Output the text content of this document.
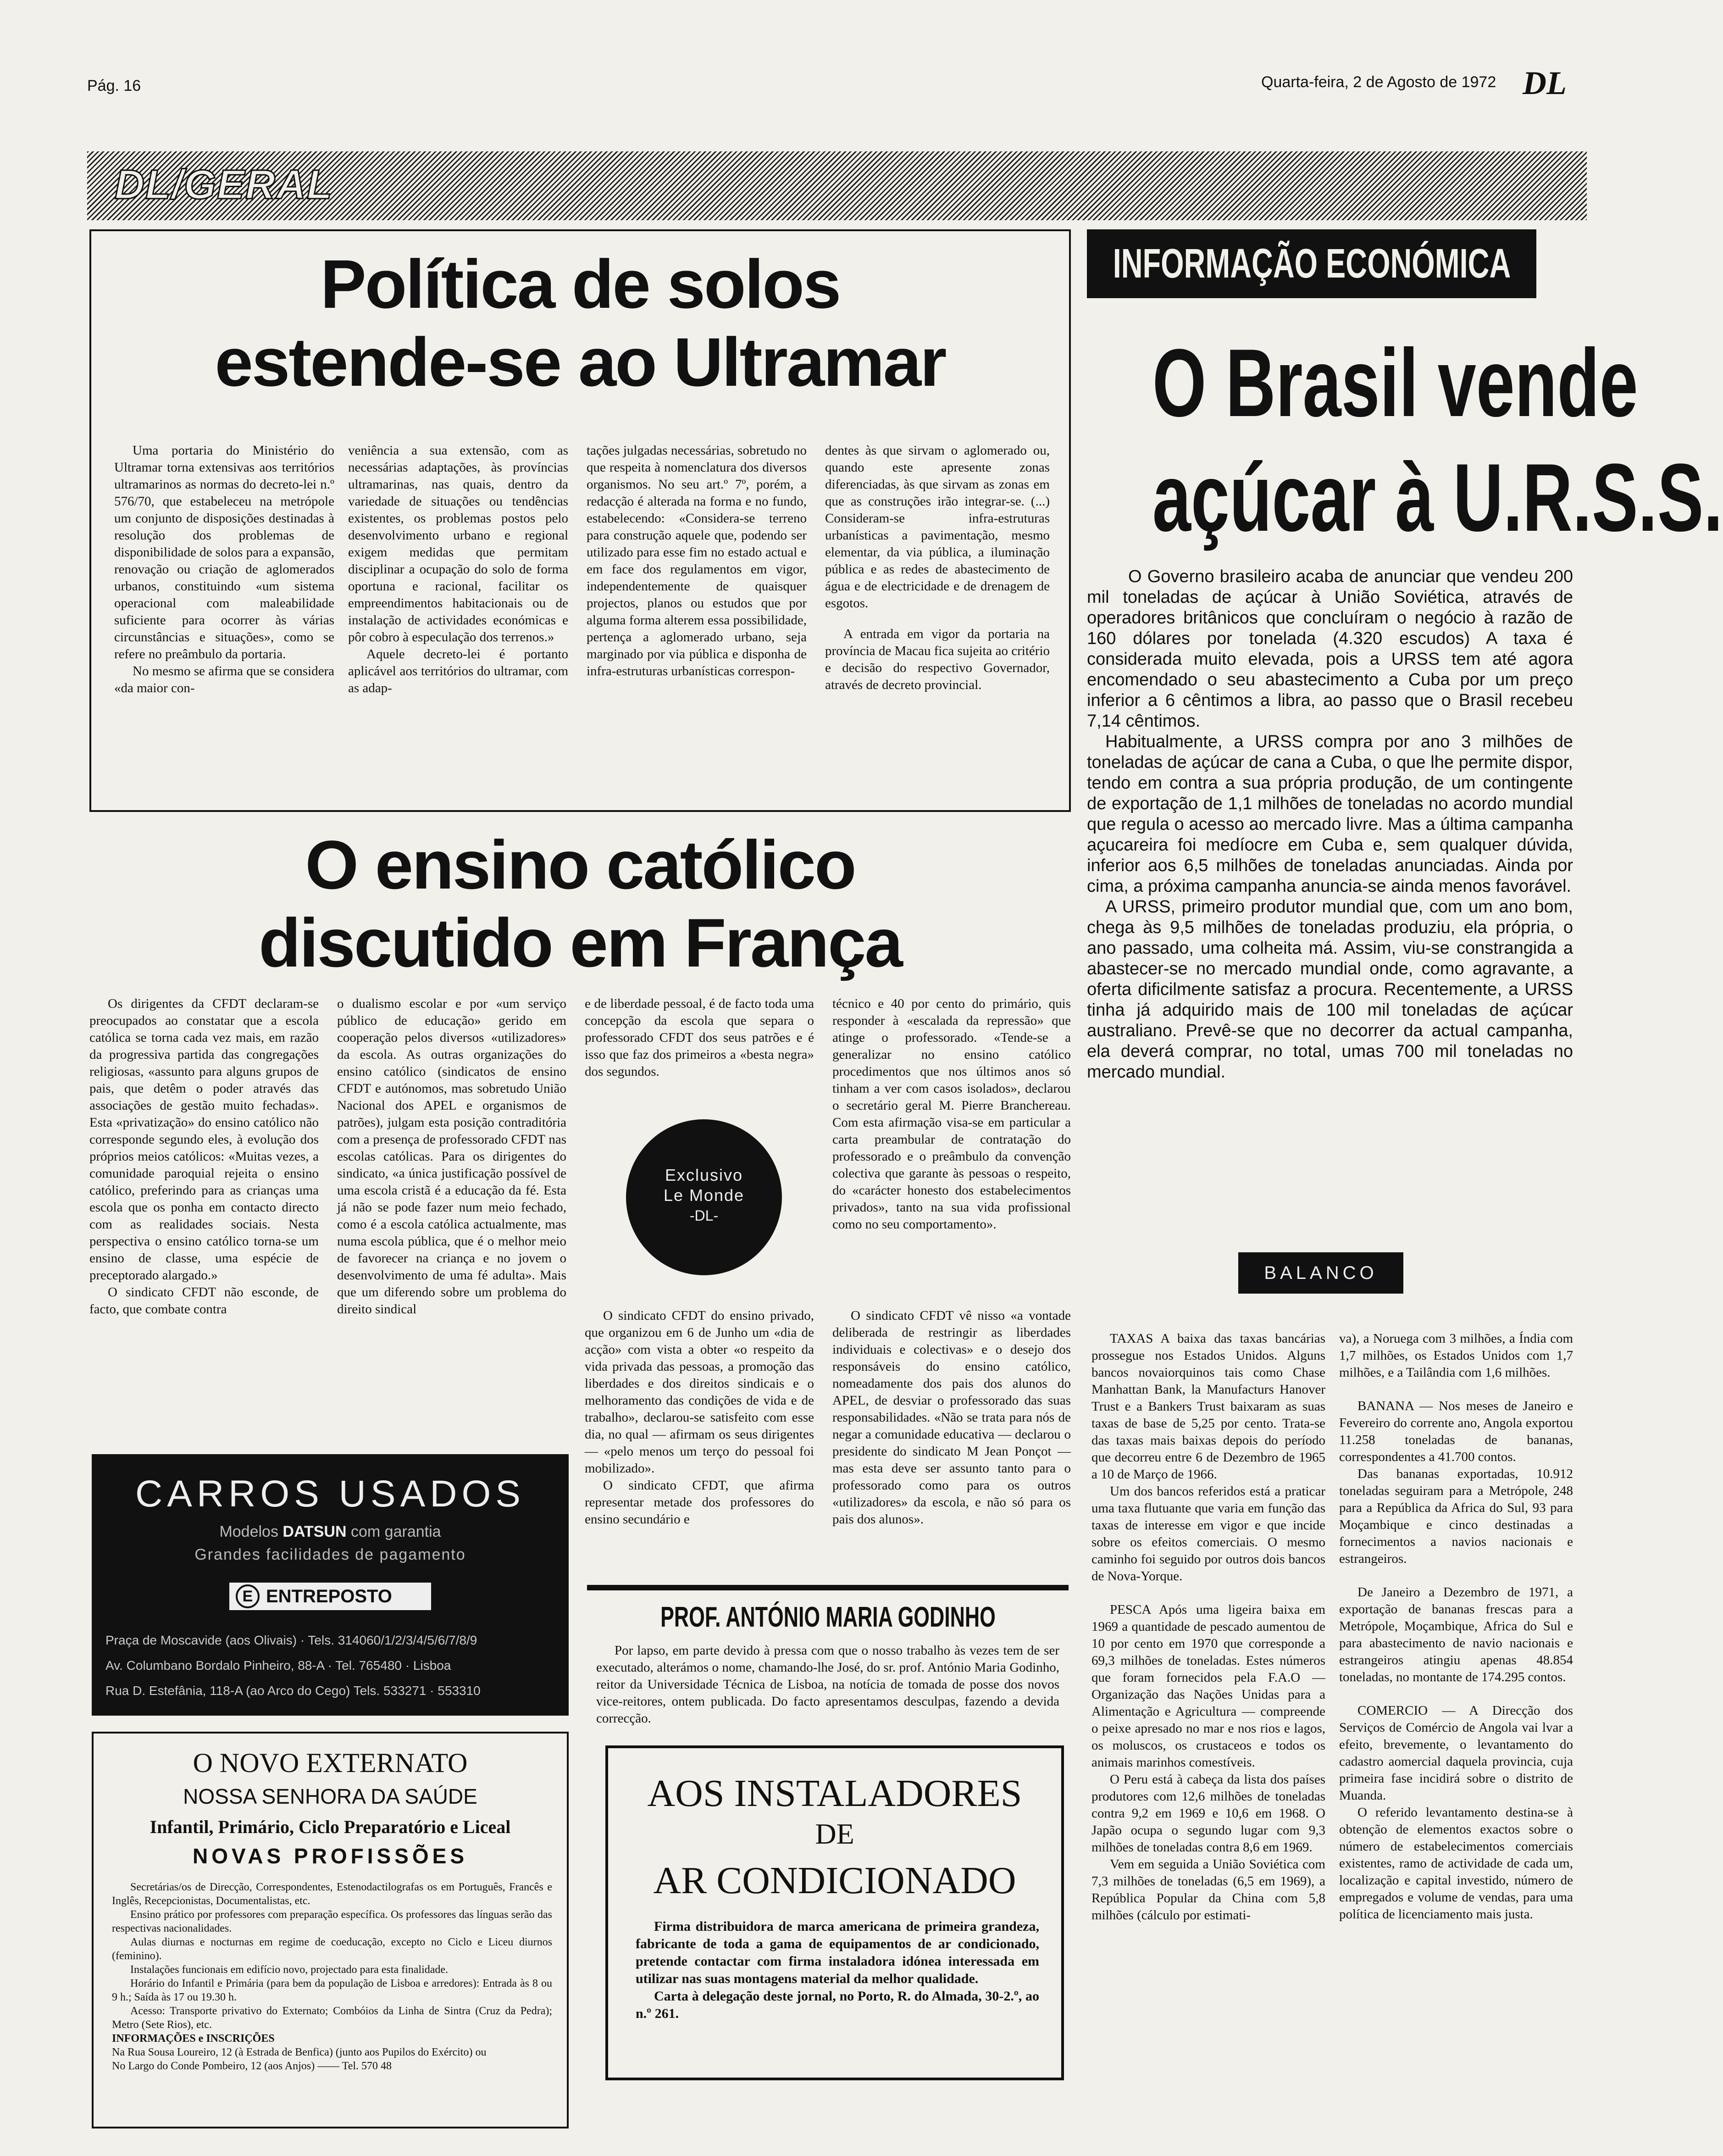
Pág. 16	Quarta-feira, 2 de Agosto de 1972 DL
DL/GERAL
Política de solos
estende-se ao Ultramar

Uma portaria do Ministério do Ultramar torna extensivas aos territórios ultramarinos as normas do decreto-lei n.º 576/70, que estabeleceu na metrópole um conjunto de disposições destinadas à resolução dos problemas de disponibilidade de solos para a expansão, renovação ou criação de aglomerados urbanos, constituindo «um sistema operacional com maleabilidade suficiente para ocorrer às várias circunstâncias e situações», como se refere no preâmbulo da portaria.

No mesmo se afirma que se considera «da maior con-

veniência a sua extensão, com as necessárias adaptações, às províncias ultramarinas, nas quais, dentro da variedade de situações ou tendências existentes, os problemas postos pelo desenvolvimento urbano e regional exigem medidas que permitam disciplinar a ocupação do solo de forma oportuna e racional, facilitar os empreendimentos habitacionais ou de instalação de actividades económicas e pôr cobro à especulação dos terrenos.»

Aquele decreto-lei é portanto aplicável aos territórios do ultramar, com as adap-

tações julgadas necessárias, sobretudo no que respeita à nomenclatura dos diversos organismos. No seu art.º 7º, porém, a redacção é alterada na forma e no fundo, estabelecendo: «Considera-se terreno para construção aquele que, podendo ser utilizado para esse fim no estado actual e em face dos regulamentos em vigor, independentemente de quaisquer projectos, planos ou estudos que por alguma forma alterem essa possibilidade, pertença a aglomerado urbano, seja marginado por via pública e disponha de infra-estruturas urbanísticas correspon-

dentes às que sirvam o aglomerado ou, quando este apresente zonas diferenciadas, às que sirvam as zonas em que as construções irão integrar-se. (...) Consideram-se infra-estruturas urbanísticas a pavimentação, mesmo elementar, da via pública, a iluminação pública e as redes de abastecimento de água e de electricidade e de drenagem de esgotos.

A entrada em vigor da portaria na província de Macau fica sujeita ao critério e decisão do respectivo Governador, através de decreto provincial.

O ensino católico
discutido em França

Os dirigentes da CFDT declaram-se preocupados ao constatar que a escola católica se torna cada vez mais, em razão da progressiva partida das congregações religiosas, «assunto para alguns grupos de pais, que detêm o poder através das associações de gestão muito fechadas». Esta «privatização» do ensino católico não corresponde segundo eles, à evolução dos próprios meios católicos: «Muitas vezes, a comunidade paroquial rejeita o ensino católico, preferindo para as crianças uma escola que os ponha em contacto directo com as realidades sociais. Nesta perspectiva o ensino católico torna-se um ensino de classe, uma espécie de preceptorado alargado.»

O sindicato CFDT não esconde, de facto, que combate contra

o dualismo escolar e por «um serviço público de educação» gerido em cooperação pelos diversos «utilizadores» da escola. As outras organizações do ensino católico (sindicatos de ensino CFDT e autónomos, mas sobretudo União Nacional dos APEL e organismos de patrões), julgam esta posição contraditória com a presença de professorado CFDT nas escolas católicas. Para os dirigentes do sindicato, «a única justificação possível de uma escola cristã é a educação da fé. Esta já não se pode fazer num meio fechado, como é a escola católica actualmente, mas numa escola pública, que é o melhor meio de favorecer na criança e no jovem o desenvolvimento de uma fé adulta». Mais que um diferendo sobre um problema do direito sindical

e de liberdade pessoal, é de facto toda uma concepção da escola que separa o professorado CFDT dos seus patrões e é isso que faz dos primeiros a «besta negra» dos segundos.

técnico e 40 por cento do primário, quis responder à «escalada da repressão» que atinge o professorado. «Tende-se a generalizar no ensino católico procedimentos que nos últimos anos só tinham a ver com casos isolados», declarou o secretário geral M. Pierre Branchereau. Com esta afirmação visa-se em particular a carta preambular de contratação do professorado e o preâmbulo da convenção colectiva que garante às pessoas o respeito, do «carácter honesto dos estabelecimentos privados», tanto na sua vida profissional como no seu comportamento».

Exclusivo
Le Monde
-DL-

O sindicato CFDT do ensino privado, que organizou em 6 de Junho um «dia de acção» com vista a obter «o respeito da vida privada das pessoas, a promoção das liberdades e dos direitos sindicais e o melhoramento das condições de vida e de trabalho», declarou-se satisfeito com esse dia, no qual — afirmam os seus dirigentes — «pelo menos um terço do pessoal foi mobilizado».

O sindicato CFDT, que afirma representar metade dos professores do ensino secundário e

O sindicato CFDT vê nisso «a vontade deliberada de restringir as liberdades individuais e colectivas» e o desejo dos responsáveis do ensino católico, nomeadamente dos pais dos alunos do APEL, de desviar o professorado das suas responsabilidades. «Não se trata para nós de negar a comunidade educativa — declarou o presidente do sindicato M Jean Ponçot — mas esta deve ser assunto tanto para o professorado como para os outros «utilizadores» da escola, e não só para os pais dos alunos».

INFORMAÇÃO ECONÓMICA
O Brasil vende
açúcar à U.R.S.S.

O Governo brasileiro acaba de anunciar que vendeu 200 mil toneladas de açúcar à União Soviética, através de operadores britânicos que concluíram o negócio à razão de 160 dólares por tonelada (4.320 escudos) A taxa é considerada muito elevada, pois a URSS tem até agora encomendado o seu abastecimento a Cuba por um preço inferior a 6 cêntimos a libra, ao passo que o Brasil recebeu 7,14 cêntimos.

Habitualmente, a URSS compra por ano 3 milhões de toneladas de açúcar de cana a Cuba, o que lhe permite dispor, tendo em contra a sua própria produção, de um contingente de exportação de 1,1 milhões de toneladas no acordo mundial que regula o acesso ao mercado livre. Mas a última campanha açucareira foi medíocre em Cuba e, sem qualquer dúvida, inferior aos 6,5 milhões de toneladas anunciadas. Ainda por cima, a próxima campanha anuncia-se ainda menos favorável.

A URSS, primeiro produtor mundial que, com um ano bom, chega às 9,5 milhões de toneladas produziu, ela própria, o ano passado, uma colheita má. Assim, viu-se constrangida a abastecer-se no mercado mundial onde, como agravante, a oferta dificilmente satisfaz a procura. Recentemente, a URSS tinha já adquirido mais de 100 mil toneladas de açúcar australiano. Prevê-se que no decorrer da actual campanha, ela deverá comprar, no total, umas 700 mil toneladas no mercado mundial.

BALANCO

TAXAS A baixa das taxas bancárias prossegue nos Estados Unidos. Alguns bancos novaiorquinos tais como Chase Manhattan Bank, la Manufacturs Hanover Trust e a Bankers Trust baixaram as suas taxas de base de 5,25 por cento. Trata-se das taxas mais baixas depois do período que decorreu entre 6 de Dezembro de 1965 a 10 de Março de 1966.

Um dos bancos referidos está a praticar uma taxa flutuante que varia em função das taxas de interesse em vigor e que incide sobre os efeitos comerciais. O mesmo caminho foi seguido por outros dois bancos de Nova-Yorque.

PESCA Após uma ligeira baixa em 1969 a quantidade de pescado aumentou de 10 por cento em 1970 que corresponde a 69,3 milhões de toneladas. Estes números que foram fornecidos pela F.A.O — Organização das Nações Unidas para a Alimentação e Agricultura — compreende o peixe apresado no mar e nos rios e lagos, os moluscos, os crustaceos e todos os animais marinhos comestíveis.

O Peru está à cabeça da lista dos países produtores com 12,6 milhões de toneladas contra 9,2 em 1969 e 10,6 em 1968. O Japão ocupa o segundo lugar com 9,3 milhões de toneladas contra 8,6 em 1969.

Vem em seguida a União Soviética com 7,3 milhões de toneladas (6,5 em 1969), a República Popular da China com 5,8 milhões (cálculo por estimati-

va), a Noruega com 3 milhões, a Índia com 1,7 milhões, os Estados Unidos com 1,7 milhões, e a Tailândia com 1,6 milhões.

BANANA — Nos meses de Janeiro e Fevereiro do corrente ano, Angola exportou 11.258 toneladas de bananas, correspondentes a 41.700 contos.

Das bananas exportadas, 10.912 toneladas seguiram para a Metrópole, 248 para a República da Africa do Sul, 93 para Moçambique e cinco destinadas a fornecimentos a navios nacionais e estrangeiros.

De Janeiro a Dezembro de 1971, a exportação de bananas frescas para a Metrópole, Moçambique, Africa do Sul e para abastecimento de navio nacionais e estrangeiros atingiu apenas 48.854 toneladas, no montante de 174.295 contos.

COMERCIO — A Direcção dos Serviços de Comércio de Angola vai lvar a efeito, brevemente, o levantamento do cadastro aomercial daquela provincia, cuja primeira fase incidirá sobre o distrito de Muanda.

O referido levantamento destina-se à obtenção de elementos exactos sobre o número de estabelecimentos comerciais existentes, ramo de actividade de cada um, localização e capital investido, número de empregados e volume de vendas, para uma política de licenciamento mais justa.

CARROS USADOS
Modelos DATSUN com garantia
Grandes facilidades de pagamento
E ENTREPOSTO
Praça de Moscavide (aos Olivais) · Tels. 314060/1/2/3/4/5/6/7/8/9
Av. Columbano Bordalo Pinheiro, 88-A · Tel. 765480 · Lisboa
Rua D. Estefânia, 118-A (ao Arco do Cego) Tels. 533271 · 553310
O NOVO EXTERNATO
NOSSA SENHORA DA SAÚDE
Infantil, Primário, Ciclo Preparatório e Liceal
NOVAS PROFISSÕES

Secretárias/os de Direcção, Correspondentes, Estenodactilografas os em Português, Francês e Inglês, Recepcionistas, Documentalistas, etc.

Ensino prático por professores com preparação específica. Os professores das línguas serão das respectivas nacionalidades.

Aulas diurnas e nocturnas em regime de coeducação, excepto no Ciclo e Liceu diurnos (feminino).

Instalações funcionais em edifício novo, projectado para esta finalidade.

Horário do Infantil e Primária (para bem da população de Lisboa e arredores): Entrada às 8 ou 9 h.; Saída às 17 ou 19.30 h.

Acesso: Transporte privativo do Externato; Combóios da Linha de Sintra (Cruz da Pedra); Metro (Sete Rios), etc.

INFORMAÇÕES e INSCRIÇÕES

Na Rua Sousa Loureiro, 12 (à Estrada de Benfica) (junto aos Pupilos do Exército) ou

No Largo do Conde Pombeiro, 12 (aos Anjos) —— Tel. 570 48

PROF. ANTÓNIO MARIA GODINHO

Por lapso, em parte devido à pressa com que o nosso trabalho às vezes tem de ser executado, alterámos o nome, chamando-lhe José, do sr. prof. António Maria Godinho, reitor da Universidade Técnica de Lisboa, na notícia de tomada de posse dos novos vice-reitores, ontem publicada. Do facto apresentamos desculpas, fazendo a devida correcção.

AOS INSTALADORES
DE
AR CONDICIONADO

Firma distribuidora de marca americana de primeira grandeza, fabricante de toda a gama de equipamentos de ar condicionado, pretende contactar com firma instaladora idónea interessada em utilizar nas suas montagens material da melhor qualidade.

Carta à delegação deste jornal, no Porto, R. do Almada, 30-2.º, ao n.º 261.
